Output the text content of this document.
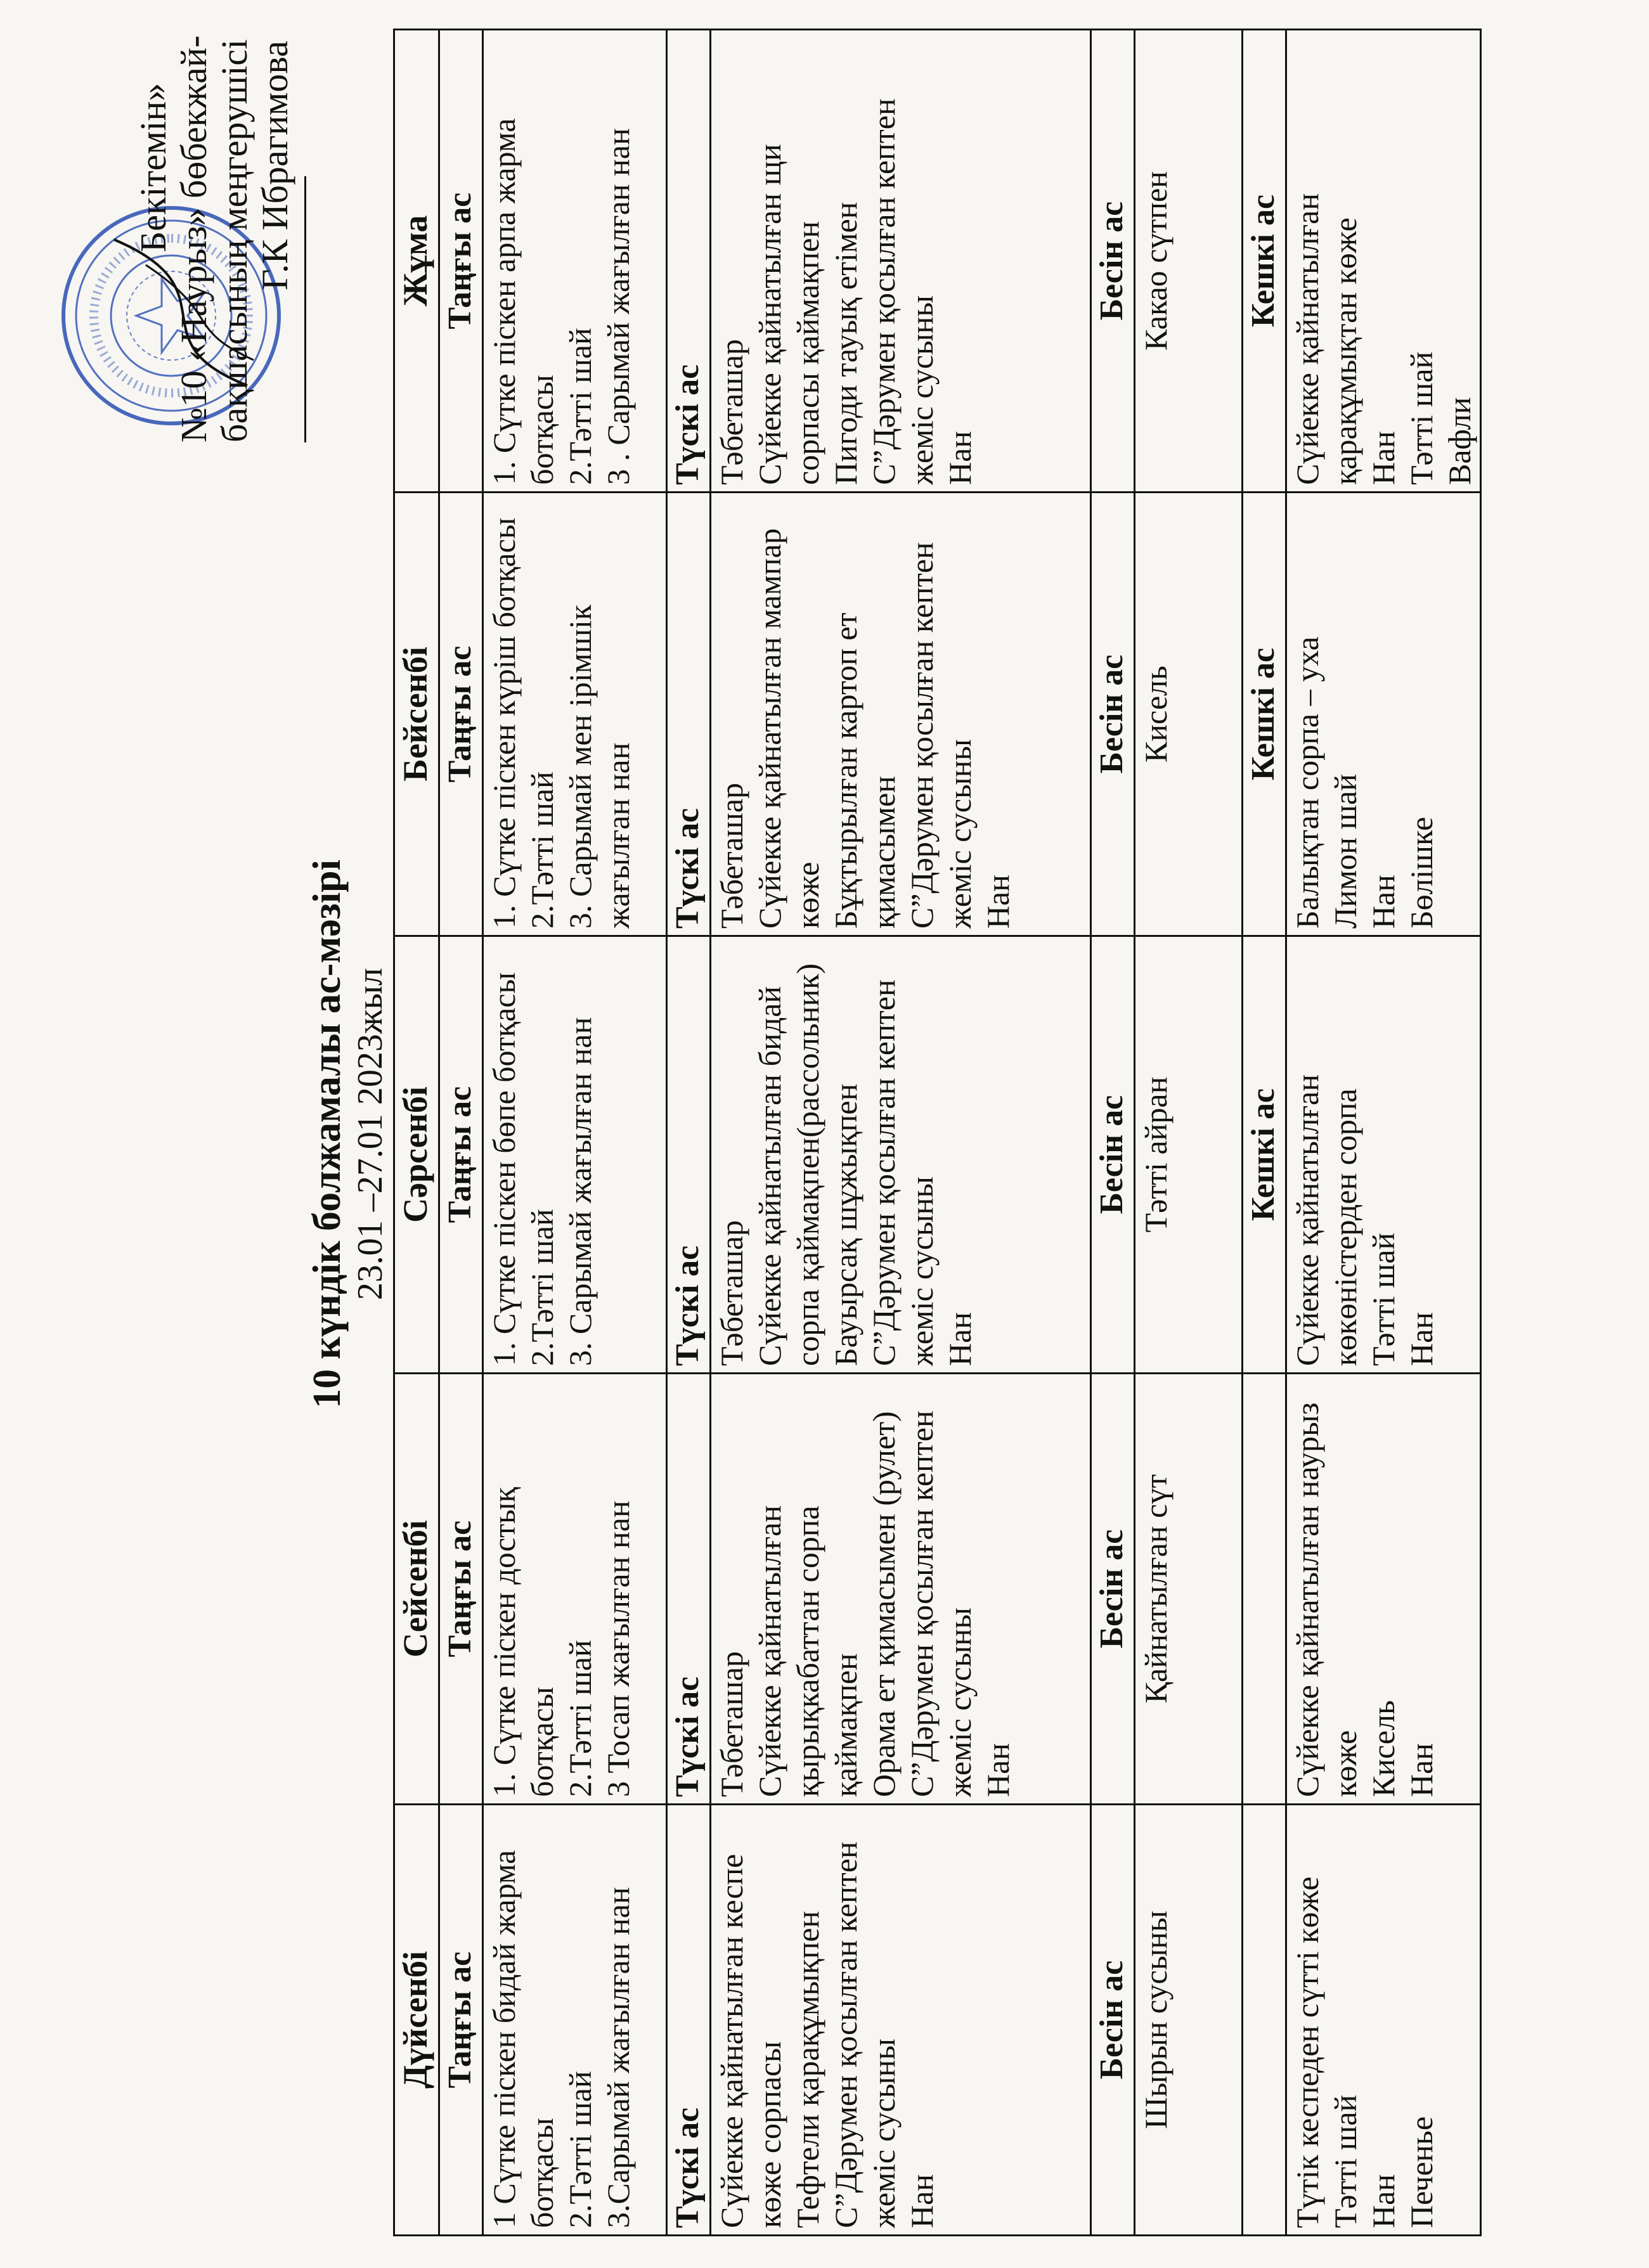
Бекітемін» №10 «Наурыз» бөбекжай- бақшасының меңгерушісі Г.К Ибрагимова
10 күндік болжамалы ас-мәзірі 23.01 –27.01 2023жыл
Дүйсенбі	Сейсенбі	Сәрсенбі	Бейсенбі	Жұма
Таңғы ас	Таңғы ас	Таңғы ас	Таңғы ас	Таңғы ас

1 Сүтке піскен бидай жарма ботқасы 2.Тәтті шай 3.Сарымай жағылған нан	1. Сүтке піскен достық ботқасы 2.Тәтті шай 3 Тосап жағылған нан	1. Сүтке піскен бөпе ботқасы 2.Тәтті шай 3. Сарымай жағылған нан	1. Сүтке піскен күріш ботқасы 2.Тәтті шай 3. Сарымай мен ірімшік жағылған нан	1. Сүтке піскен арпа жарма ботқасы 2.Тәтті шай 3 . Сарымай жағылған нан

Түскі ас	Түскі ас	Түскі ас	Түскі ас	Түскі ас

Сүйекке қайнатылған кеспе көже сорпасы Тефтели қарақұмықпен С”Дәрумен қосылған кептен жеміс сусыны Нан	Тәбеташар Сүйекке қайнатылған қырықкабаттан сорпа қаймақпен Орама ет қимасымен (рулет) С”Дәрумен қосылған кептен жеміс сусыны Нан	Тәбеташар Сүйекке қайнатылған бидай сорпа қаймақпен(рассольник) Бауырсақ шұжықпен С”Дәрумен қосылған кептен жеміс сусыны Нан	Тәбеташар Сүйекке қайнатылған мампар көже Бұқтырылған картоп ет қимасымен С”Дәрумен қосылған кептен жеміс сусыны Нан	Тәбеташар Сүйекке қайнатылған щи сорпасы қаймақпен Пигоди тауық етімен С”Дәрумен қосылған кептен жеміс сусыны Нан

Бесін ас	Бесін ас	Бесін ас	Бесін ас	Бесін ас
Шырын сусыны	Қайнатылған сүт	Тәтті айран	Кисель	Какао сүтпен
		Кешкі ас	Кешкі ас	Кешкі ас

Түтік кеспеден сүтті көже Тәтті шай Нан Печенье	Сүйекке қайнатылған наурыз көже Кисель Нан	Сүйекке қайнатылған көкөністерден сорпа Тәтті шай Нан	Балықтан сорпа – уха Лимон шай Нан Бөлішке	Сүйекке қайнатылған қарақұмықтан көже Нан Тәтті шай Вафли
